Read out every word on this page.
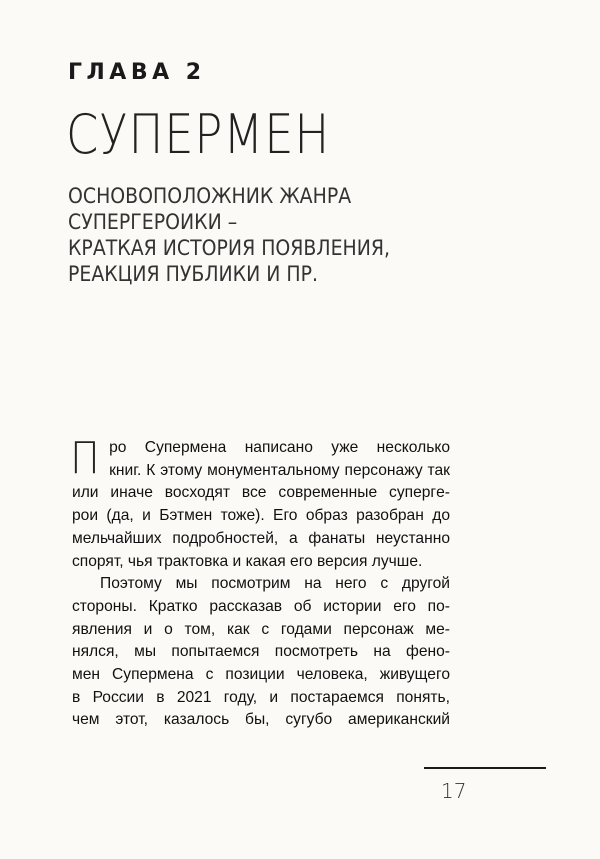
ГЛАВА 2
СУПЕРМЕН
ОСНОВОПОЛОЖНИК ЖАНРА
СУПЕРГЕРОИКИ –
КРАТКАЯ ИСТОРИЯ ПОЯВЛЕНИЯ,
РЕАКЦИЯ ПУБЛИКИ И ПР.
П ро Супермена написано уже несколько

книг. К этому монументальному персонажу так

или иначе восходят все современные супергe-

рои (да, и Бэтмен тоже). Его образ разобран до

мельчайших подробностей, а фанаты неустанно

спорят, чья трактовка и какая его версия лучше.

Поэтому мы посмотрим на него с другой

стороны. Кратко рассказав об истории его по-

явления и о том, как с годами персонаж ме-

нялся, мы попытаемся посмотреть на фено-

мен Супермена с позиции человека, живущего

в России в 2021 году, и постараемся понять,

чем этот, казалось бы, сугубо американский

17
